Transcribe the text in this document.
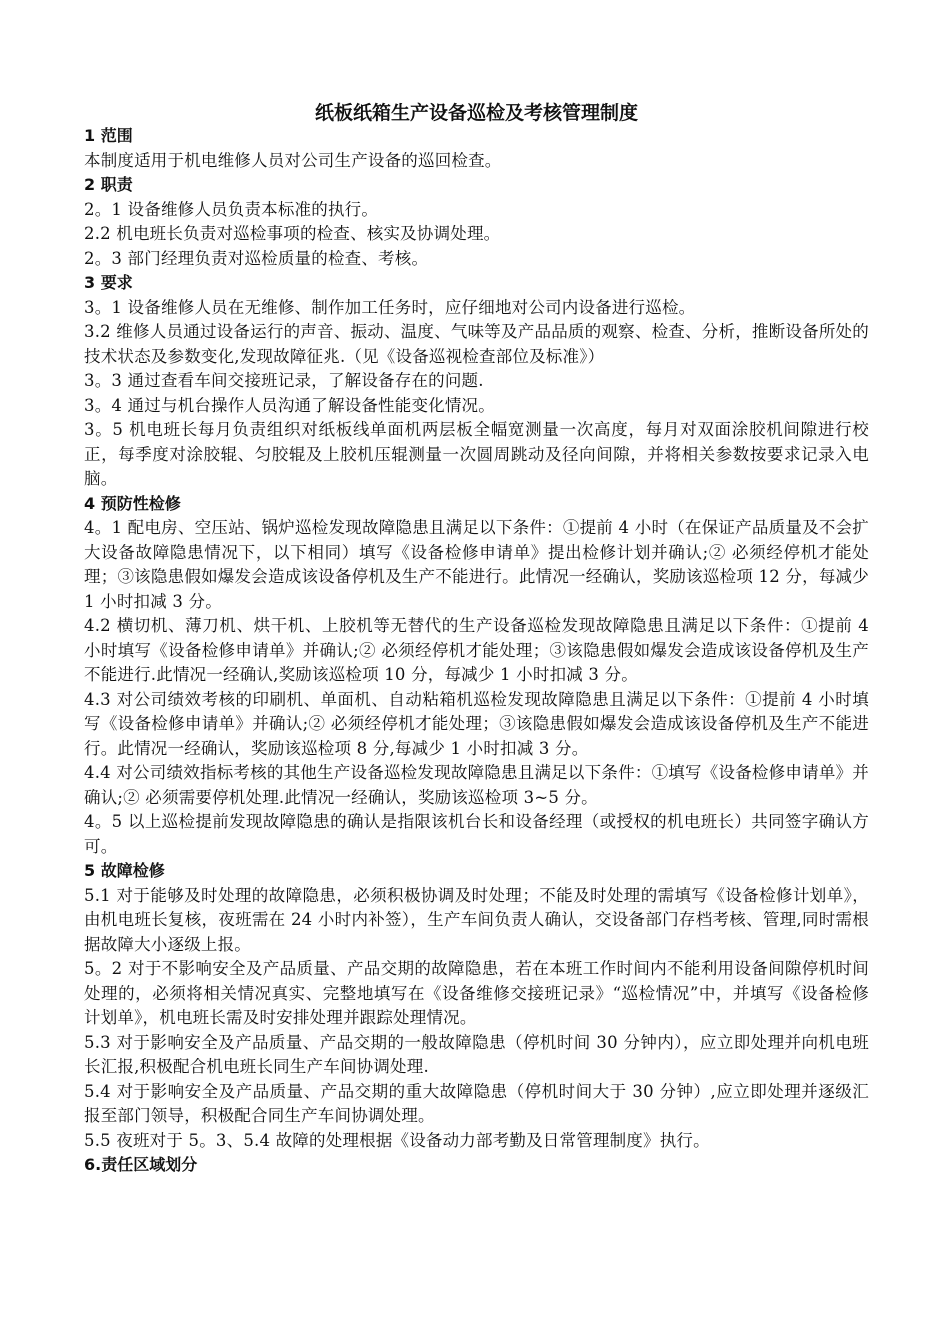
纸板纸箱生产设备巡检及考核管理制度
1 范围

本制度适用于机电维修人员对公司生产设备的巡回检查。

2 职责

2。1 设备维修人员负责本标准的执行。

2.2 机电班长负责对巡检事项的检查、核实及协调处理。

2。3 部门经理负责对巡检质量的检查、考核。

3 要求

3。1 设备维修人员在无维修、制作加工任务时，应仔细地对公司内设备进行巡检。

3.2 维修人员通过设备运行的声音、振动、温度、气味等及产品品质的观察、检查、分析，推断设备所处的技术状态及参数变化,发现故障征兆.（见《设备巡视检查部位及标准》）

3。3 通过查看车间交接班记录，了解设备存在的问题.

3。4 通过与机台操作人员沟通了解设备性能变化情况。

3。5 机电班长每月负责组织对纸板线单面机两层板全幅宽测量一次高度，每月对双面涂胶机间隙进行校正，每季度对涂胶辊、匀胶辊及上胶机压辊测量一次圆周跳动及径向间隙，并将相关参数按要求记录入电脑。

4 预防性检修

4。1 配电房、空压站、锅炉巡检发现故障隐患且满足以下条件：①提前 4 小时（在保证产品质量及不会扩大设备故障隐患情况下，以下相同）填写《设备检修申请单》提出检修计划并确认;② 必须经停机才能处理；③该隐患假如爆发会造成该设备停机及生产不能进行。此情况一经确认，奖励该巡检项 12 分，每减少 1 小时扣减 3 分。

4.2 横切机、薄刀机、烘干机、上胶机等无替代的生产设备巡检发现故障隐患且满足以下条件：①提前 4 小时填写《设备检修申请单》并确认;② 必须经停机才能处理；③该隐患假如爆发会造成该设备停机及生产不能进行.此情况一经确认,奖励该巡检项 10 分，每减少 1 小时扣减 3 分。

4.3 对公司绩效考核的印刷机、单面机、自动粘箱机巡检发现故障隐患且满足以下条件：①提前 4 小时填写《设备检修申请单》并确认;② 必须经停机才能处理；③该隐患假如爆发会造成该设备停机及生产不能进行。此情况一经确认，奖励该巡检项 8 分,每减少 1 小时扣减 3 分。

4.4 对公司绩效指标考核的其他生产设备巡检发现故障隐患且满足以下条件：①填写《设备检修申请单》并确认;② 必须需要停机处理.此情况一经确认，奖励该巡检项 3~5 分。

4。5 以上巡检提前发现故障隐患的确认是指限该机台长和设备经理（或授权的机电班长）共同签字确认方可。

5 故障检修

5.1 对于能够及时处理的故障隐患，必须积极协调及时处理；不能及时处理的需填写《设备检修计划单》，由机电班长复核，夜班需在 24 小时内补签），生产车间负责人确认，交设备部门存档考核、管理,同时需根据故障大小逐级上报。

5。2 对于不影响安全及产品质量、产品交期的故障隐患，若在本班工作时间内不能利用设备间隙停机时间处理的，必须将相关情况真实、完整地填写在《设备维修交接班记录》“巡检情况”中，并填写《设备检修计划单》，机电班长需及时安排处理并跟踪处理情况。

5.3 对于影响安全及产品质量、产品交期的一般故障隐患（停机时间 30 分钟内），应立即处理并向机电班长汇报,积极配合机电班长同生产车间协调处理.

5.4 对于影响安全及产品质量、产品交期的重大故障隐患（停机时间大于 30 分钟）,应立即处理并逐级汇报至部门领导，积极配合同生产车间协调处理。

5.5 夜班对于 5。3、5.4 故障的处理根据《设备动力部考勤及日常管理制度》执行。

6.责任区域划分
